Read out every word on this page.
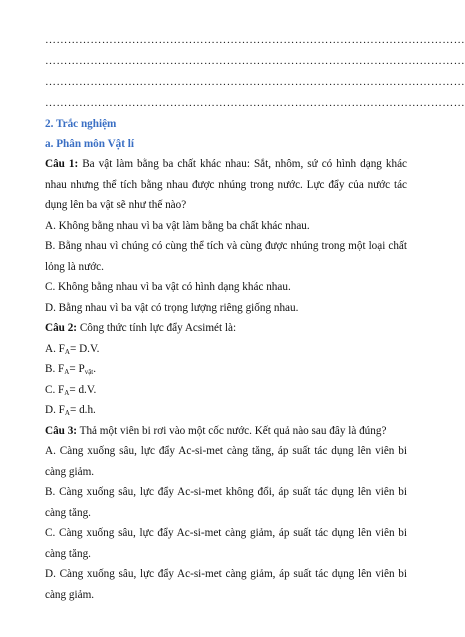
…………………………………………………………………………………………………
…………………………………………………………………………………………………
…………………………………………………………………………………………………
…………………………………………………………………………………………………
2. Trắc nghiệm
a. Phân môn Vật lí
Câu 1: Ba vật làm bằng ba chất khác nhau: Sắt, nhôm, sứ có hình dạng khác nhau nhưng thể tích bằng nhau được nhúng trong nước. Lực đẩy của nước tác dụng lên ba vật sẽ như thế nào?
A. Không bằng nhau vì ba vật làm bằng ba chất khác nhau.
B. Bằng nhau vì chúng có cùng thể tích và cùng được nhúng trong một loại chất lỏng là nước.
C. Không bằng nhau vì ba vật có hình dạng khác nhau.
D. Bằng nhau vì ba vật có trọng lượng riêng giống nhau.
Câu 2: Công thức tính lực đẩy Acsimét là:
A. $F_A= D.V$.
B. $F_A= P_{vật}$.
C. $F_A= d.V$.
D. $F_A= d.h$.
Câu 3: Thả một viên bi rơi vào một cốc nước. Kết quả nào sau đây là đúng?
A. Càng xuống sâu, lực đẩy Ac-si-met càng tăng, áp suất tác dụng lên viên bi càng giảm.
B. Càng xuống sâu, lực đẩy Ac-si-met không đổi, áp suất tác dụng lên viên bi càng tăng.
C. Càng xuống sâu, lực đẩy Ac-si-met càng giảm, áp suất tác dụng lên viên bi càng tăng.
D. Càng xuống sâu, lực đẩy Ac-si-met càng giảm, áp suất tác dụng lên viên bi càng giảm.
